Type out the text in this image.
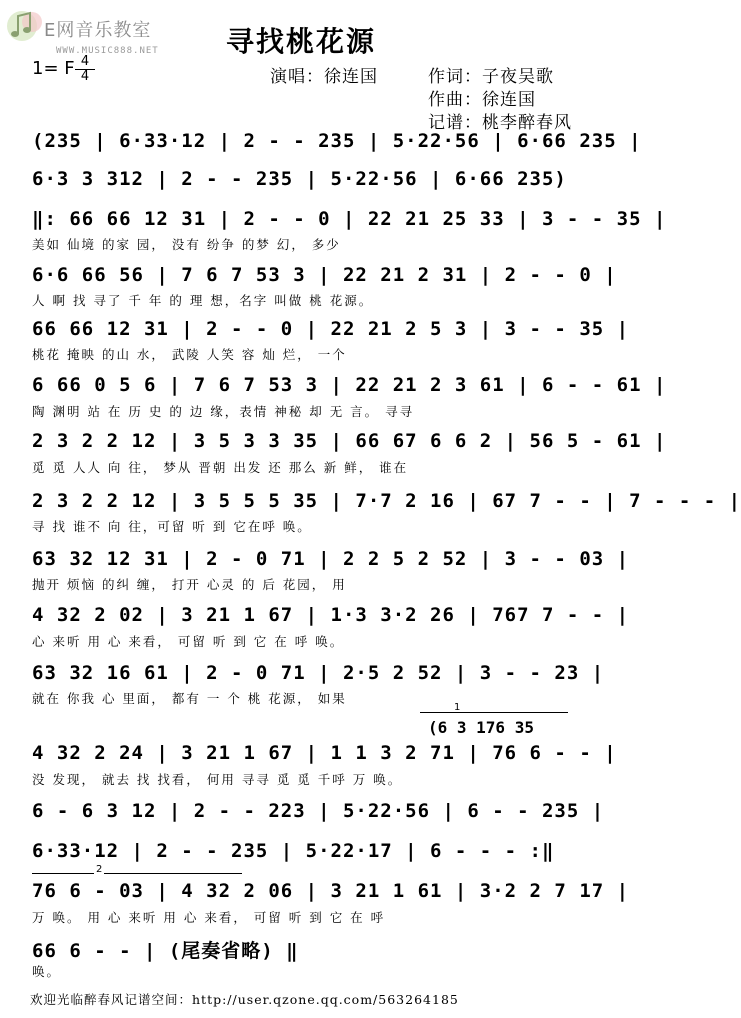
E网音乐教室
WWW.MUSIC888.NET	寻找桃花源
1= F 4
4	演唱：徐连国	作词：子夜吴歌
作曲：徐连国
记谱：桃李醉春风
(235 | 6·33·12 | 2 - - 235 | 5·22·56 | 6·66 235 |
6·3 3 312 | 2 - - 235 | 5·22·56 | 6·66 235)
‖: 66 66 12 31 | 2 - - 0 | 22 21 25 33 | 3 - - 35 |
美如 仙境 的家 园， 没有 纷争 的梦 幻， 多少
6·6 66 56 | 7 6 7 53 3 | 22 21 2 31 | 2 - - 0 |
人 啊 找 寻了 千 年 的 理 想，名字 叫做 桃 花源。
66 66 12 31 | 2 - - 0 | 22 21 2 5 3 | 3 - - 35 |
桃花 掩映 的山 水， 武陵 人笑 容 灿 烂， 一个
6 66 0 5 6 | 7 6 7 53 3 | 22 21 2 3 61 | 6 - - 61 |
陶 渊明 站 在 历 史 的 边 缘，表情 神秘 却 无 言。 寻寻
2 3 2 2 12 | 3 5 3 3 35 | 66 67 6 6 2 | 56 5 - 61 |
觅 觅 人人 向 往， 梦从 晋朝 出发 还 那么 新 鲜， 谁在
2 3 2 2 12 | 3 5 5 5 35 | 7·7 2 16 | 67 7 - - | 7 - - - |
寻 找 谁不 向 往，可留 听 到 它在呼 唤。
63 32 12 31 | 2 - 0 71 | 2 2 5 2 52 | 3 - - 03 |
抛开 烦恼 的纠 缠， 打开 心灵 的 后 花园， 用
4 32 2 02 | 3 21 1 67 | 1·3 3·2 26 | 767 7 - - |
心 来听 用 心 来看， 可留 听 到 它 在 呼 唤。
63 32 16 61 | 2 - 0 71 | 2·5 2 52 | 3 - - 23 |
就在 你我 心 里面， 都有 一 个 桃 花源， 如果
1
(6 3 176 35
4 32 2 24 | 3 21 1 67 | 1 1 3 2 71 | 76 6 - - |
没 发现， 就去 找 找看， 何用 寻寻 觅 觅 千呼 万 唤。
6 - 6 3 12 | 2 - - 223 | 5·22·56 | 6 - - 235 |
6·33·12 | 2 - - 235 | 5·22·17 | 6 - - - :‖
2
76 6 - 03 | 4 32 2 06 | 3 21 1 61 | 3·2 2 7 17 |
万 唤。 用 心 来听 用 心 来看， 可留 听 到 它 在 呼
66 6 - - | (尾奏省略) ‖
唤。
欢迎光临醉春风记谱空间：http://user.qzone.qq.com/563264185
